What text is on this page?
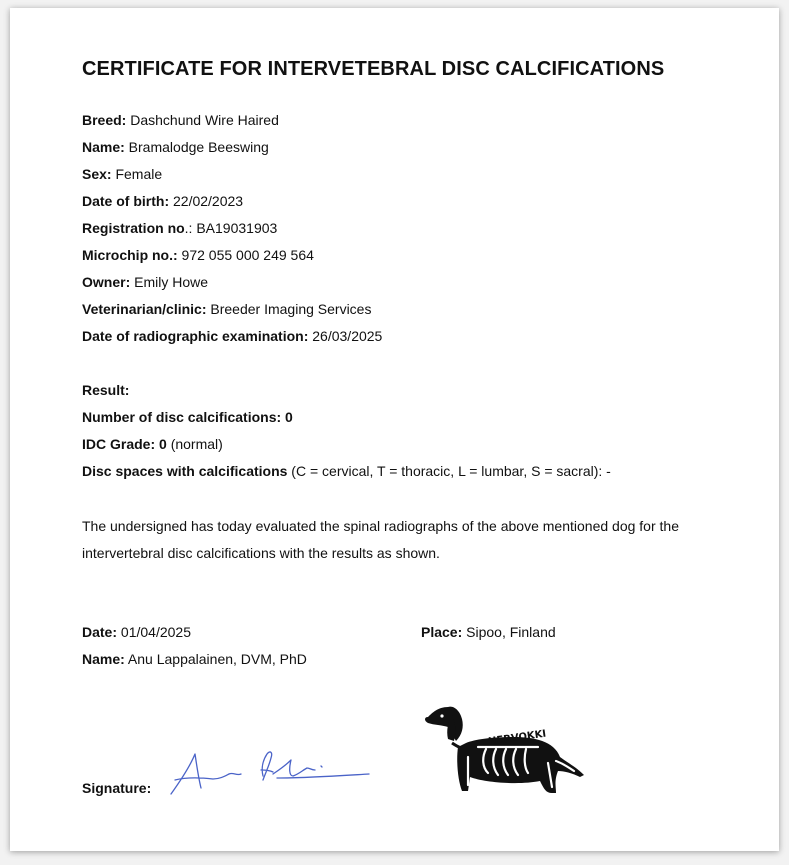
CERTIFICATE FOR INTERVETEBRAL DISC CALCIFICATIONS
Breed: Dashchund Wire Haired
Name: Bramalodge Beeswing
Sex: Female
Date of birth: 22/02/2023
Registration no.: BA19031903
Microchip no.: 972 055 000 249 564
Owner: Emily Howe
Veterinarian/clinic: Breeder Imaging Services
Date of radiographic examination: 26/03/2025
Result:
Number of disc calcifications: 0
IDC Grade: 0 (normal)
Disc spaces with calcifications (C = cervical, T = thoracic, L = lumbar, S = sacral): -
The undersigned has today evaluated the spinal radiographs of the above mentioned dog for the intervertebral disc calcifications with the results as shown.
Date: 01/04/2025	Place: Sipoo, Finland
Name: Anu Lappalainen, DVM, PhD
Signature:
HERVOKKI
